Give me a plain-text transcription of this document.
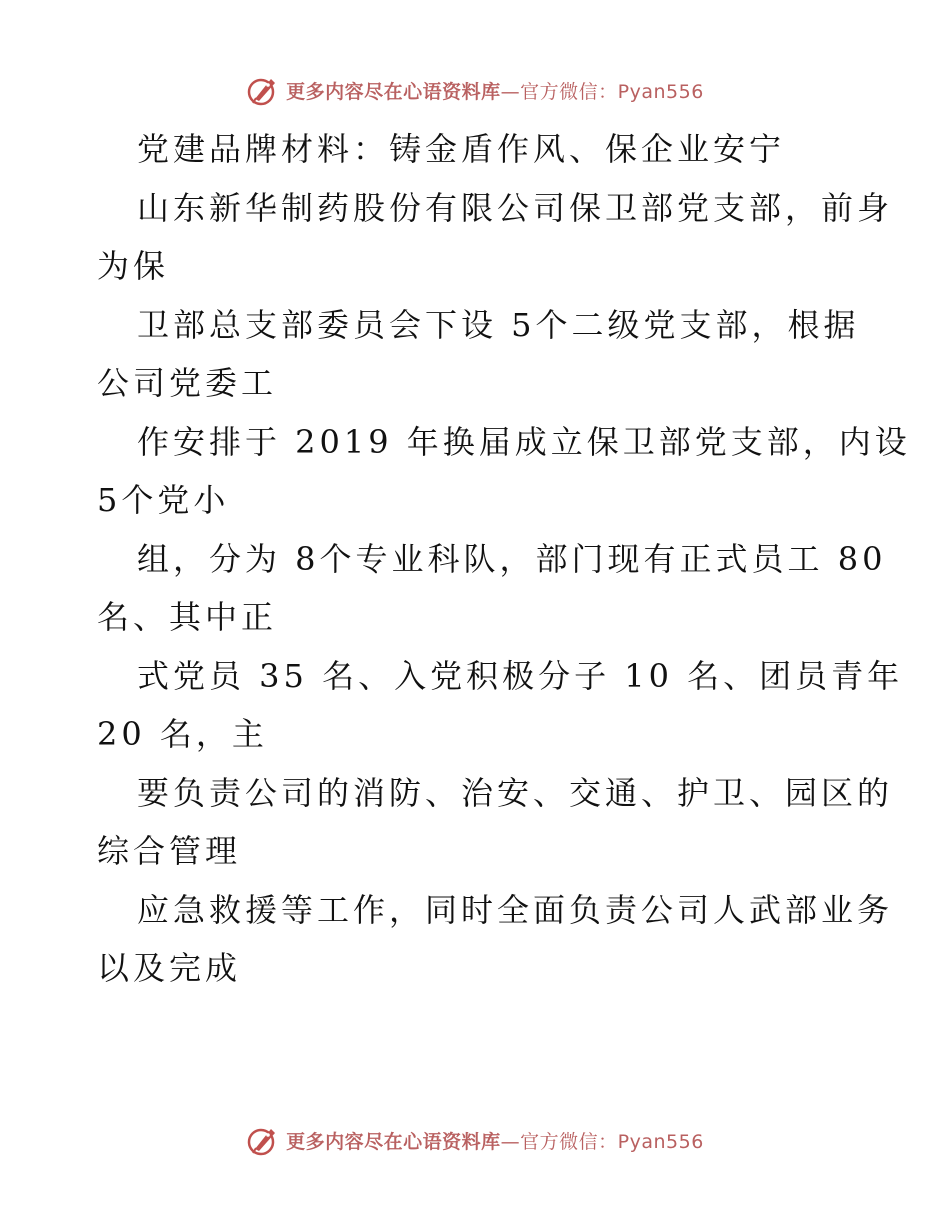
更多内容尽在心语资料库—官方微信：Pyan556
党建品牌材料：铸金盾作风、保企业安宁
山东新华制药股份有限公司保卫部党支部，前身
为保
卫部总支部委员会下设 5个二级党支部，根据
公司党委工
作安排于 2019 年换届成立保卫部党支部，内设
5个党小
组，分为 8个专业科队，部门现有正式员工 80
名、其中正
式党员 35 名、入党积极分子 10 名、团员青年
20 名，主
要负责公司的消防、治安、交通、护卫、园区的
综合管理
应急救援等工作，同时全面负责公司人武部业务
以及完成
更多内容尽在心语资料库—官方微信：Pyan556
